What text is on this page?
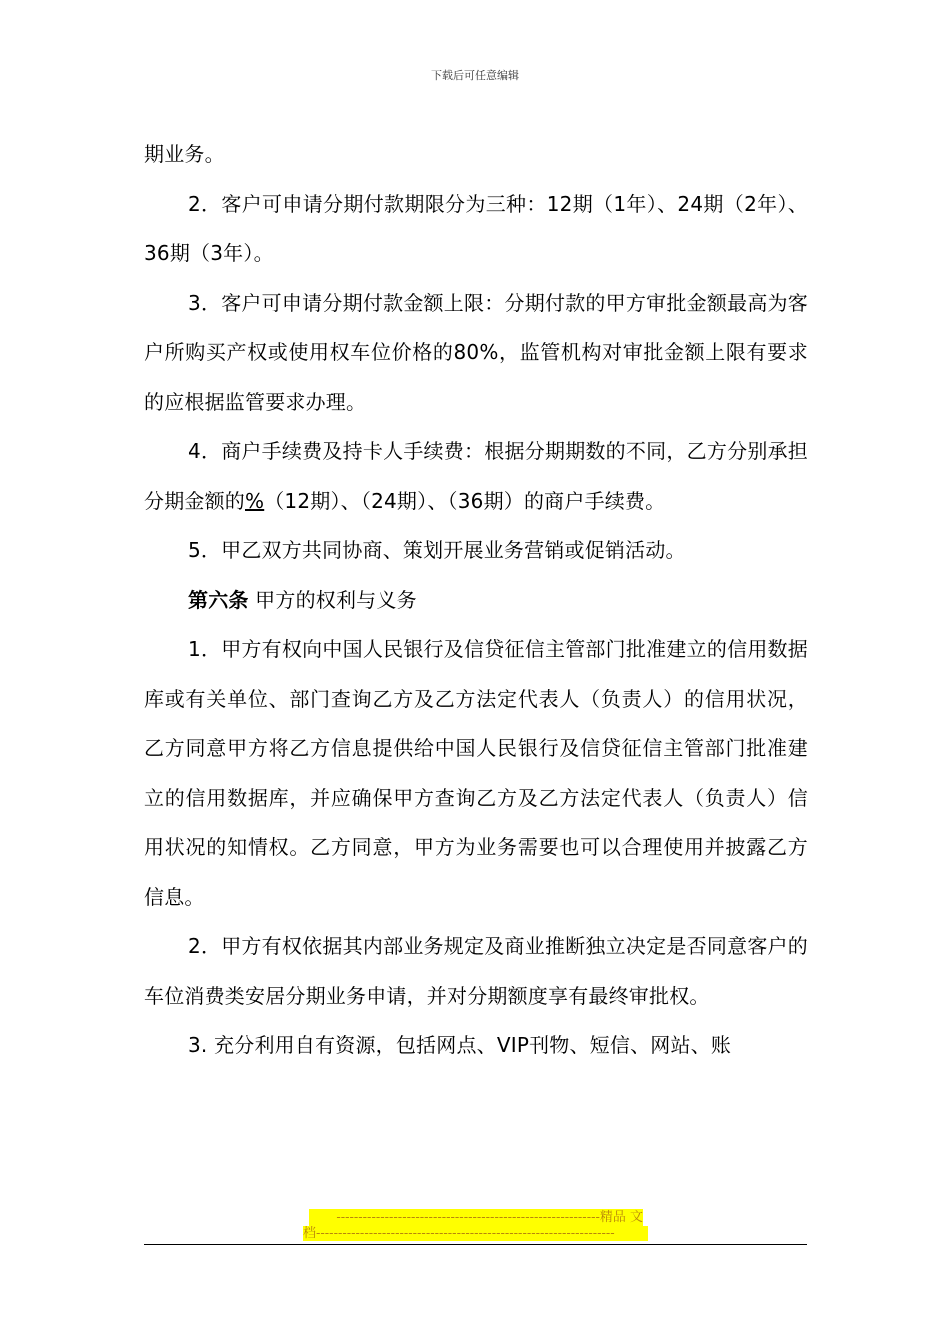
下载后可任意编辑

期业务。

2．客户可申请分期付款期限分为三种：12期（1年）、24期（2年）、36期（3年）。

3．客户可申请分期付款金额上限：分期付款的甲方审批金额最高为客户所购买产权或使用权车位价格的80%，监管机构对审批金额上限有要求的应根据监管要求办理。

4．商户手续费及持卡人手续费：根据分期期数的不同，乙方分别承担分期金额的%（12期）、（24期）、（36期）的商户手续费。

5．甲乙双方共同协商、策划开展业务营销或促销活动。

第六条 甲方的权利与义务

1．甲方有权向中国人民银行及信贷征信主管部门批准建立的信用数据库或有关单位、部门查询乙方及乙方法定代表人（负责人）的信用状况，乙方同意甲方将乙方信息提供给中国人民银行及信贷征信主管部门批准建立的信用数据库，并应确保甲方查询乙方及乙方法定代表人（负责人）信用状况的知情权。乙方同意，甲方为业务需要也可以合理使用并披露乙方信息。

2．甲方有权依据其内部业务规定及商业推断独立决定是否同意客户的车位消费类安居分期业务申请，并对分期额度享有最终审批权。

3. 充分利用自有资源，包括网点、VIP刊物、短信、网站、账

------------------------------------------------------------精品 文
档--------------------------------------------------------------------
